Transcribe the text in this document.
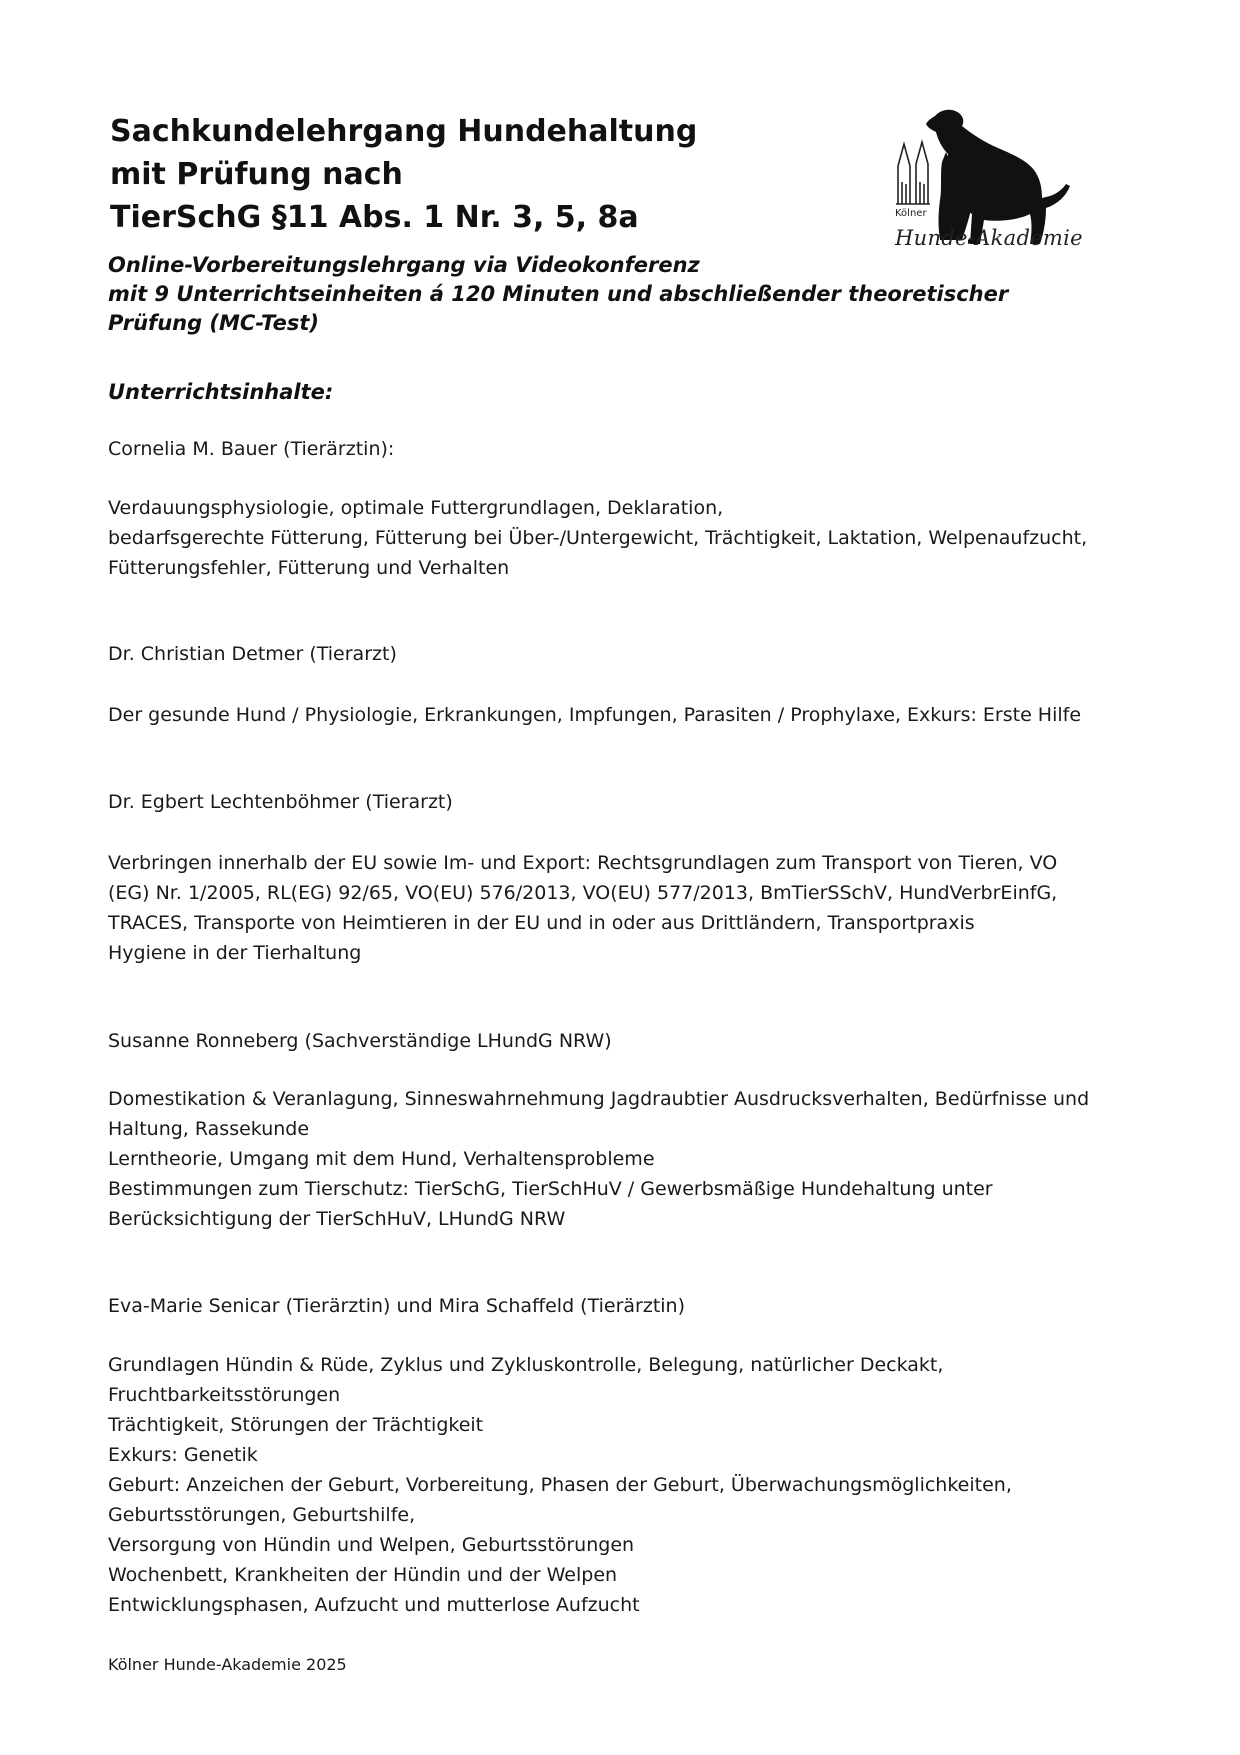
Sachkundelehrgang Hundehaltung
mit Prüfung nach
TierSchG §11 Abs. 1 Nr. 3, 5, 8a	Kölner
Hunde-Akademie
Online-Vorbereitungslehrgang via Videokonferenz
mit 9 Unterrichtseinheiten á 120 Minuten und abschließender theoretischer
Prüfung (MC-Test)
Unterrichtsinhalte:
Cornelia M. Bauer (Tierärztin):
Verdauungsphysiologie, optimale Futtergrundlagen, Deklaration,
bedarfsgerechte Fütterung, Fütterung bei Über-/Untergewicht, Trächtigkeit, Laktation, Welpenaufzucht,
Fütterungsfehler, Fütterung und Verhalten
Dr. Christian Detmer (Tierarzt)
Der gesunde Hund / Physiologie, Erkrankungen, Impfungen, Parasiten / Prophylaxe, Exkurs: Erste Hilfe
Dr. Egbert Lechtenböhmer (Tierarzt)
Verbringen innerhalb der EU sowie Im- und Export: Rechtsgrundlagen zum Transport von Tieren, VO
(EG) Nr. 1/2005, RL(EG) 92/65, VO(EU) 576/2013, VO(EU) 577/2013, BmTierSSchV, HundVerbrEinfG,
TRACES, Transporte von Heimtieren in der EU und in oder aus Drittländern, Transportpraxis
Hygiene in der Tierhaltung
Susanne Ronneberg (Sachverständige LHundG NRW)
Domestikation & Veranlagung, Sinneswahrnehmung Jagdraubtier Ausdrucksverhalten, Bedürfnisse und
Haltung, Rassekunde
Lerntheorie, Umgang mit dem Hund, Verhaltensprobleme
Bestimmungen zum Tierschutz: TierSchG, TierSchHuV / Gewerbsmäßige Hundehaltung unter
Berücksichtigung der TierSchHuV, LHundG NRW
Eva-Marie Senicar (Tierärztin) und Mira Schaffeld (Tierärztin)
Grundlagen Hündin & Rüde, Zyklus und Zykluskontrolle, Belegung, natürlicher Deckakt,
Fruchtbarkeitsstörungen
Trächtigkeit, Störungen der Trächtigkeit
Exkurs: Genetik
Geburt: Anzeichen der Geburt, Vorbereitung, Phasen der Geburt, Überwachungsmöglichkeiten,
Geburtsstörungen, Geburtshilfe,
Versorgung von Hündin und Welpen, Geburtsstörungen
Wochenbett, Krankheiten der Hündin und der Welpen
Entwicklungsphasen, Aufzucht und mutterlose Aufzucht
Kölner Hunde-Akademie 2025
